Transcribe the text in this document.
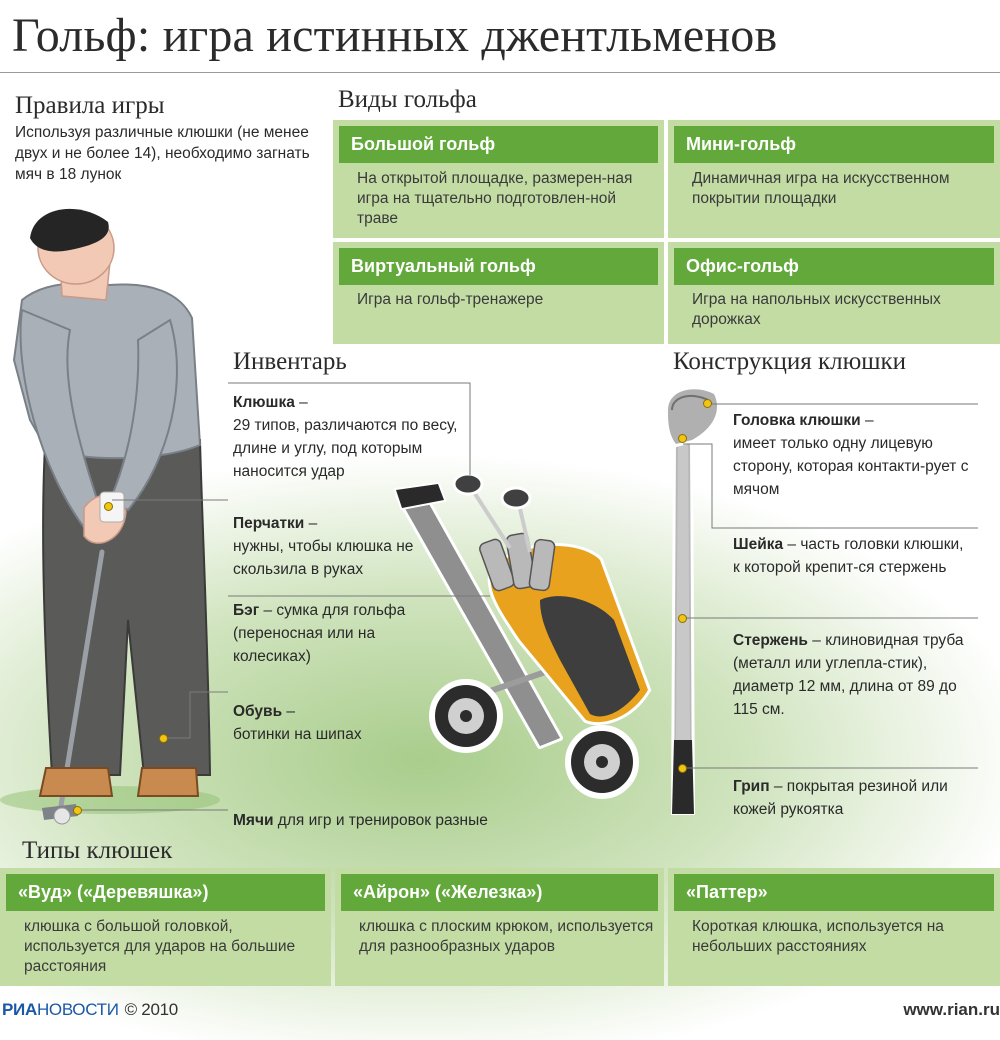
Гольф: игра истинных джентльменов
Правила игры
Используя различные клюшки (не менее двух и не более 14), необходимо загнать мяч в 18 лунок
Виды гольфа
Большой гольф
На открытой площадке, размерен-ная игра на тщательно подготовлен-ной траве
Мини-гольф
Динамичная игра на искусственном покрытии площадки
Виртуальный гольф
Игра на гольф-тренажере
Офис-гольф
Игра на напольных искусственных дорожках
Инвентарь
Клюшка –
29 типов, различаются по весу, длине и углу, под которым наносится удар
Перчатки –
нужны, чтобы клюшка не скользила в руках
Бэг – сумка для гольфа (переносная или на колесиках)
Обувь –
ботинки на шипах
Мячи для игр и тренировок разные
Конструкция клюшки
Головка клюшки –
имеет только одну лицевую сторону, которая контакти-рует с мячом
Шейка – часть головки клюшки, к которой крепит-ся стержень
Стержень – клиновидная труба (металл или углепла-стик), диаметр 12 мм, длина от 89 до 115 см.
Грип – покрытая резиной или кожей рукоятка
Типы клюшек
«Вуд» («Деревяшка»)
клюшка с большой головкой, используется для ударов на большие расстояния
«Айрон» («Железка»)
клюшка с плоским крюком, используется для разнообразных ударов
«Паттер»
Короткая клюшка, используется на небольших расстояниях
РИАНОВОСТИ © 2010	www.rian.ru
